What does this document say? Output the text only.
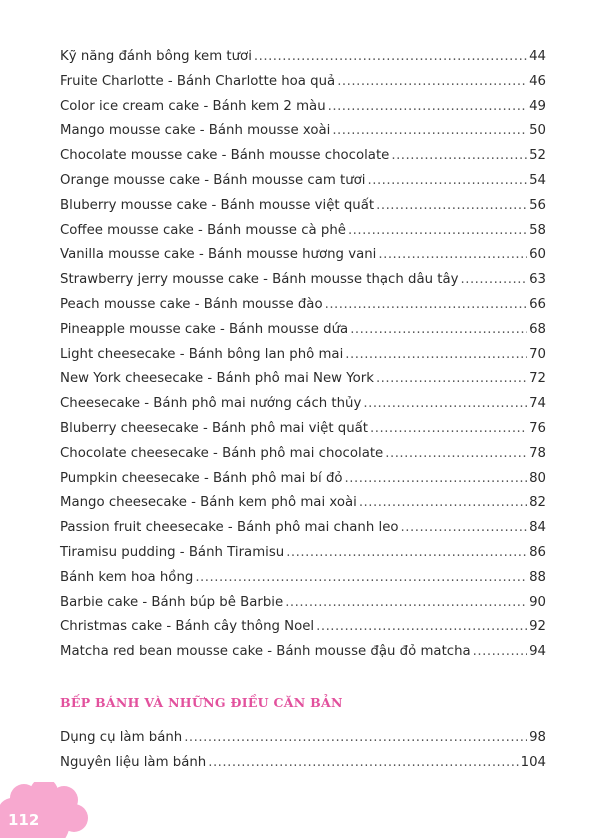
Kỹ năng đánh bông kem tươi .....	44
Fruite Charlotte - Bánh Charlotte hoa quả .....	46
Color ice cream cake - Bánh kem 2 màu .....	49
Mango mousse cake - Bánh mousse xoài .....	50
Chocolate mousse cake - Bánh mousse chocolate .....	52
Orange mousse cake - Bánh mousse cam tươi .....	54
Bluberry mousse cake - Bánh mousse việt quất .....	56
Coffee mousse cake - Bánh mousse cà phê .....	58
Vanilla mousse cake - Bánh mousse hương vani .....	60
Strawberry jerry mousse cake - Bánh mousse thạch dâu tây .....	63
Peach mousse cake - Bánh mousse đào .....	66
Pineapple mousse cake - Bánh mousse dứa .....	68
Light cheesecake - Bánh bông lan phô mai .....	70
New York cheesecake - Bánh phô mai New York .....	72
Cheesecake - Bánh phô mai nướng cách thủy .....	74
Bluberry cheesecake - Bánh phô mai việt quất .....	76
Chocolate cheesecake - Bánh phô mai chocolate .....	78
Pumpkin cheesecake - Bánh phô mai bí đỏ .....	80
Mango cheesecake - Bánh kem phô mai xoài .....	82
Passion fruit cheesecake - Bánh phô mai chanh leo .....	84
Tiramisu pudding - Bánh Tiramisu .....	86
Bánh kem hoa hồng .....	88
Barbie cake - Bánh búp bê Barbie .....	90
Christmas cake - Bánh cây thông Noel .....	92
Matcha red bean mousse cake - Bánh mousse đậu đỏ matcha .....	94
BẾP BÁNH VÀ NHỮNG ĐIỀU CĂN BẢN
Dụng cụ làm bánh .....	98
Nguyên liệu làm bánh .....	104
112
